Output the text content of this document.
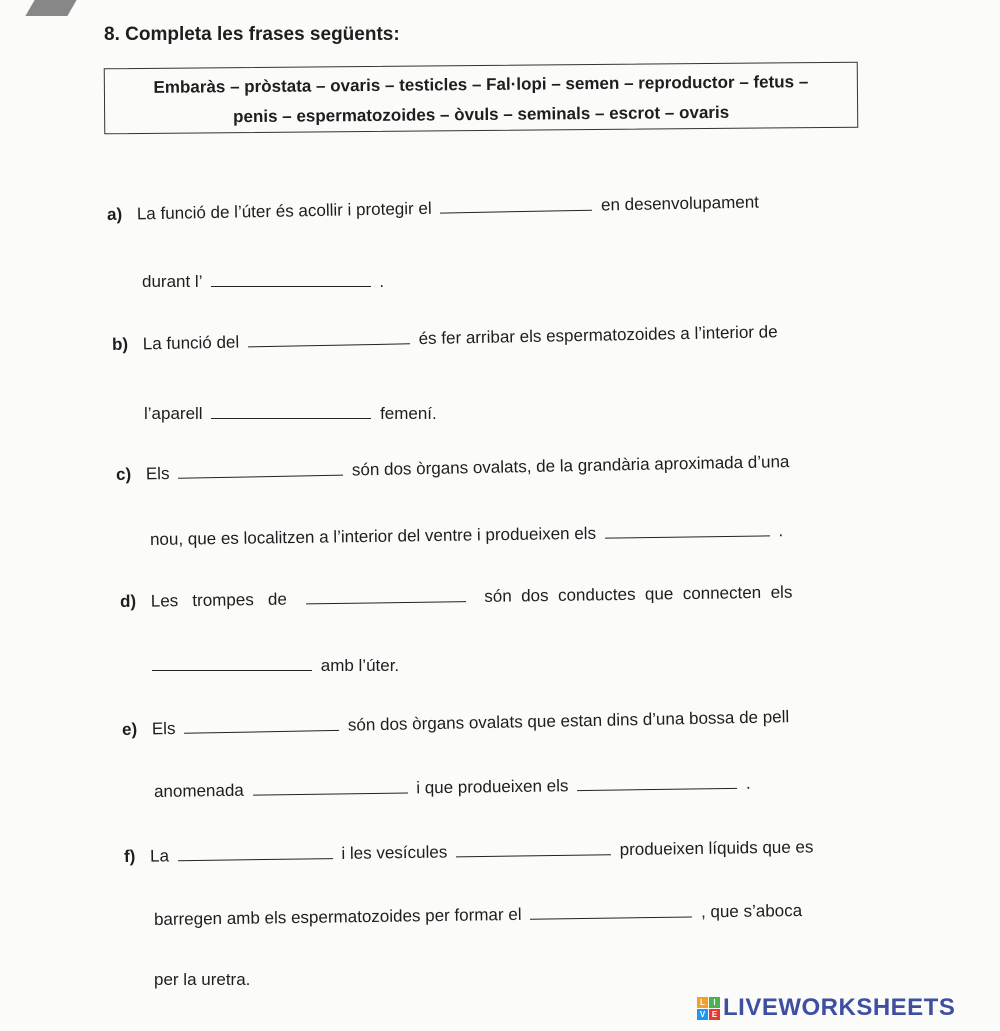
8. Completa les frases següents:
Embaràs – pròstata – ovaris – testicles – Fal·lopi – semen – reproductor – fetus –
penis – espermatozoides – òvuls – seminals – escrot – ovaris
a) La funció de l’úter és acollir i protegir el	en desenvolupament
durant l’	.
b) La funció del	és fer arribar els espermatozoides a l’interior de
l’aparell	femení.
c) Els	són dos òrgans ovalats, de la grandària aproximada d’una
nou, que es localitzen a l’interior del ventre i produeixen els	.
d) Les   trompes   de	són  dos  conductes  que  connecten  els
amb l’úter.
e) Els	són dos òrgans ovalats que estan dins d’una bossa de pell
anomenada	i que produeixen els	.
f) La	i les vesícules	produeixen líquids que es
barregen amb els espermatozoides per formar el	, que s’aboca
per la uretra.
L	I
V E LIVEWORKSHEETS
